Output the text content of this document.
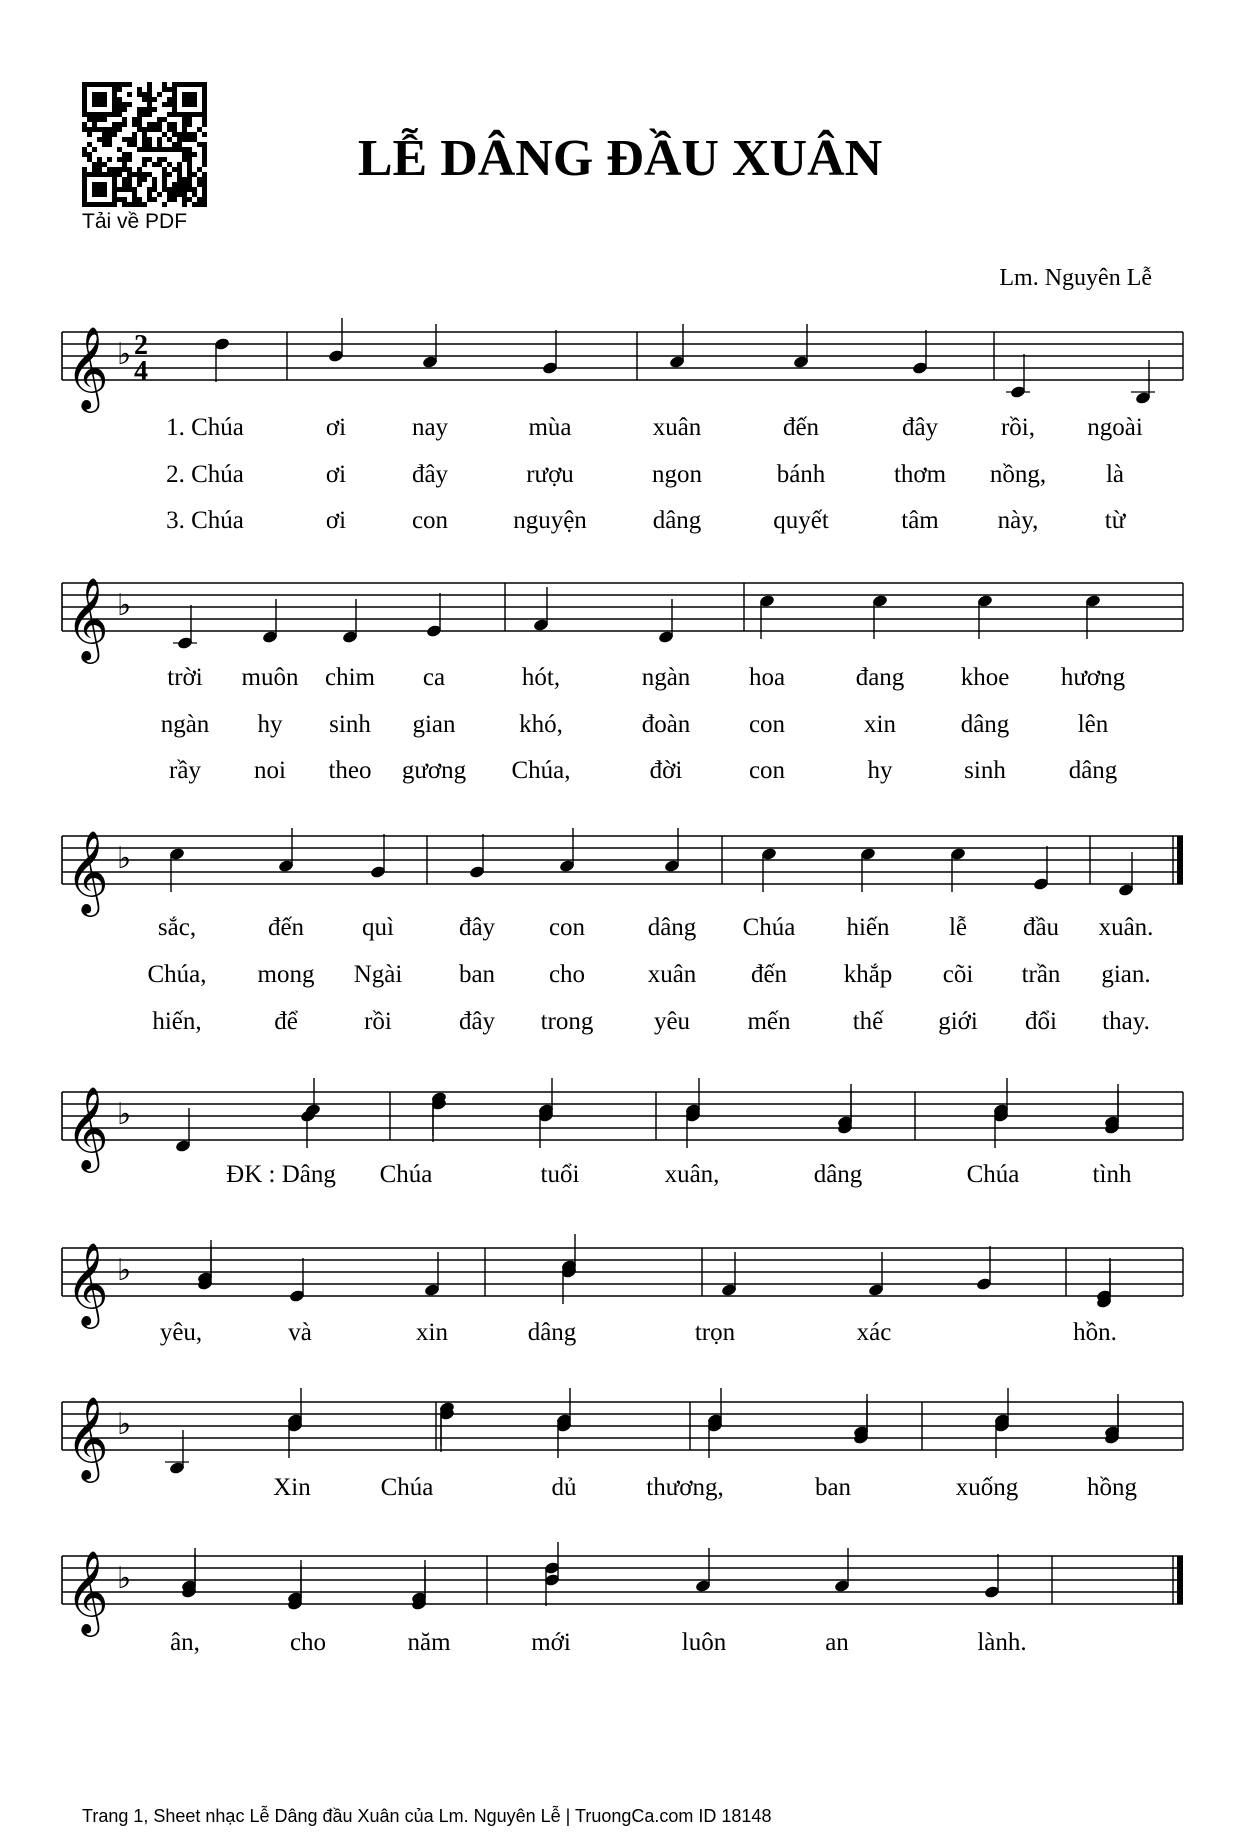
LỄ DÂNG ĐẦU XUÂN
Lm. Nguyên Lễ
𝄞 ♭ 2
4
𝄞 ♭
𝄞 ♭
𝄞 ♭
𝄞 ♭
𝄞 ♭
𝄞 ♭
1. Chúa	ơi	nay	mùa	xuân	đến	đây	rồi, ngoài
2. Chúa	ơi	đây	rượu	ngon	bánh	thơm nồng, là
3. Chúa	ơi	con	nguyện	dâng	quyết	tâm này,	từ
trời muôn chim ca	hót,	ngàn hoa	đang khoe hương
ngàn hy sinh gian	khó,	đoàn con	xin	dâng	lên
rầy noi theo gương Chúa,	đời	con	hy	sinh	dâng
sắc,	đến quì	đây con	dâng Chúa hiến lễ đầu xuân.
Chúa, mong Ngài ban cho	xuân đến khắp cõi trần gian.
hiến,	để	rồi	đây trong yêu mến thế giới đổi thay.
ĐK : Dâng Chúa	tuổi	xuân,	dâng	Chúa	tình
yêu,	và	xin	dâng	trọn	xác	hồn.
Xin	Chúa	dủ	thương,	ban	xuống	hồng
ân,	cho	năm	mới	luôn	an	lành.
Trang 1, Sheet nhạc Lễ Dâng đầu Xuân của Lm. Nguyên Lễ | TruongCa.com ID 18148
Tải về PDF
